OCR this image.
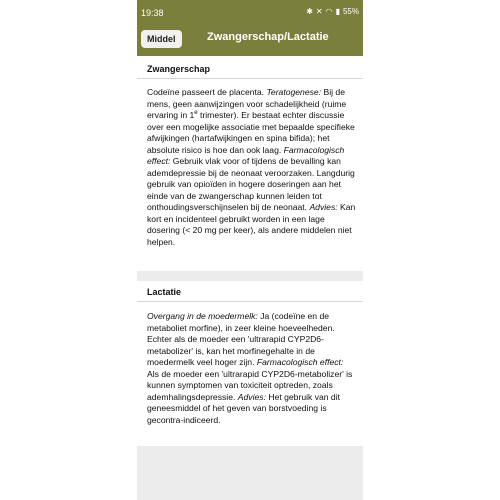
19:38	✱ ✕ ◠ ▮ 55%
Middel	Zwangerschap/Lactatie
Zwangerschap
Codeïne passeert de placenta. Teratogenese: Bij de mens, geen aanwijzingen voor schadelijkheid (ruime ervaring in 1e trimester). Er bestaat echter discussie over een mogelijke associatie met bepaalde specifieke afwijkingen (hartafwijkingen en spina bifida); het absolute risico is hoe dan ook laag. Farmacologisch effect: Gebruik vlak voor of tijdens de bevalling kan ademdepressie bij de neonaat veroorzaken. Langdurig gebruik van opioïden in hogere doseringen aan het einde van de zwangerschap kunnen leiden tot onthoudingsverschijnselen bij de neonaat. Advies: Kan kort en incidenteel gebruikt worden in een lage dosering (< 20 mg per keer), als andere middelen niet helpen.
Lactatie
Overgang in de moedermelk: Ja (codeïne en de metaboliet morfine), in zeer kleine hoeveelheden. Echter als de moeder een 'ultrarapid CYP2D6-metabolizer' is, kan het morfinegehalte in de moedermelk veel hoger zijn. Farmacologisch effect: Als de moeder een 'ultrarapid CYP2D6-metabolizer' is kunnen symptomen van toxiciteit optreden, zoals ademhalingsdepressie. Advies: Het gebruik van dit geneesmiddel of het geven van borstvoeding is gecontra-indiceerd.
